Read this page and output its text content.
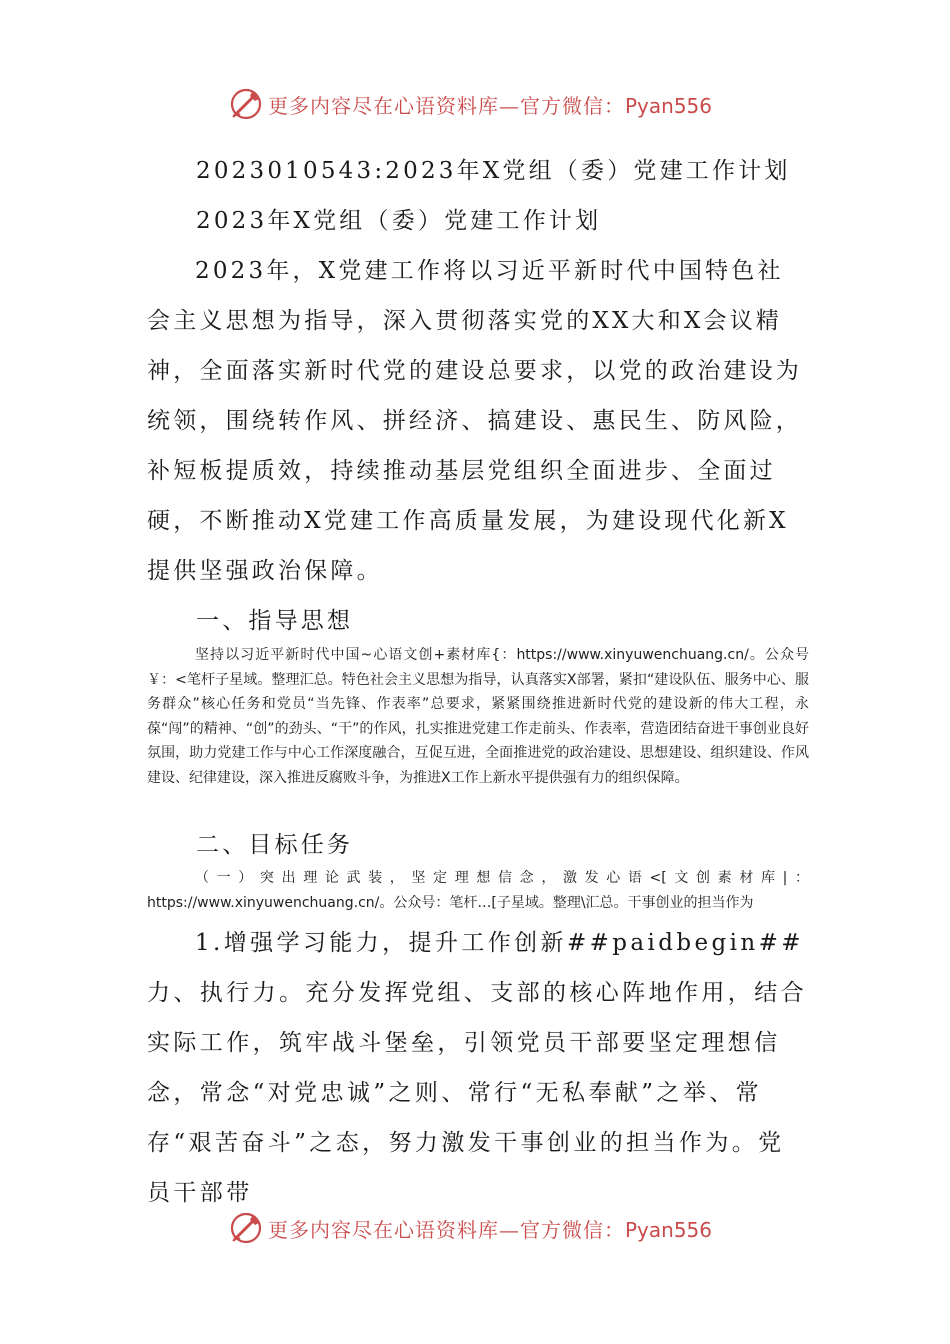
更多内容尽在心语资料库—官方微信：Pyan556

2023010543:2023年X党组（委）党建工作计划

2023年X党组（委）党建工作计划

2023年，X党建工作将以习近平新时代中国特色社会主义思想为指导，深入贯彻落实党的XX大和X会议精神，全面落实新时代党的建设总要求，以党的政治建设为统领，围绕转作风、拼经济、搞建设、惠民生、防风险，补短板提质效，持续推动基层党组织全面进步、全面过硬，不断推动X党建工作高质量发展，为建设现代化新X提供坚强政治保障。

一、指导思想

坚持以习近平新时代中国~心语文创+素材库{：https://www.xinyuwenchuang.cn/。公众号￥：<笔杆子星域。整理汇总。特色社会主义思想为指导，认真落实X部署，紧扣“建设队伍、服务中心、服务群众”核心任务和党员“当先锋、作表率”总要求，紧紧围绕推进新时代党的建设新的伟大工程，永葆“闯”的精神、“创”的劲头、“干”的作风，扎实推进党建工作走前头、作表率，营造团结奋进干事创业良好氛围，助力党建工作与中心工作深度融合，互促互进，全面推进党的政治建设、思想建设、组织建设、作风建设、纪律建设，深入推进反腐败斗争，为推进X工作上新水平提供强有力的组织保障。

二、目标任务

（一）突出理论武装，坚定理想信念，激发心语<[文创素材库|：https://www.xinyuwenchuang.cn/。公众号：笔杆…[子星域。整理\汇总。干事创业的担当作为

1.增强学习能力，提升工作创新##paidbegin##力、执行力。充分发挥党组、支部的核心阵地作用，结合实际工作，筑牢战斗堡垒，引领党员干部要坚定理想信念，常念“对党忠诚”之则、常行“无私奉献”之举、常存“艰苦奋斗”之态，努力激发干事创业的担当作为。党员干部带

更多内容尽在心语资料库—官方微信：Pyan556
